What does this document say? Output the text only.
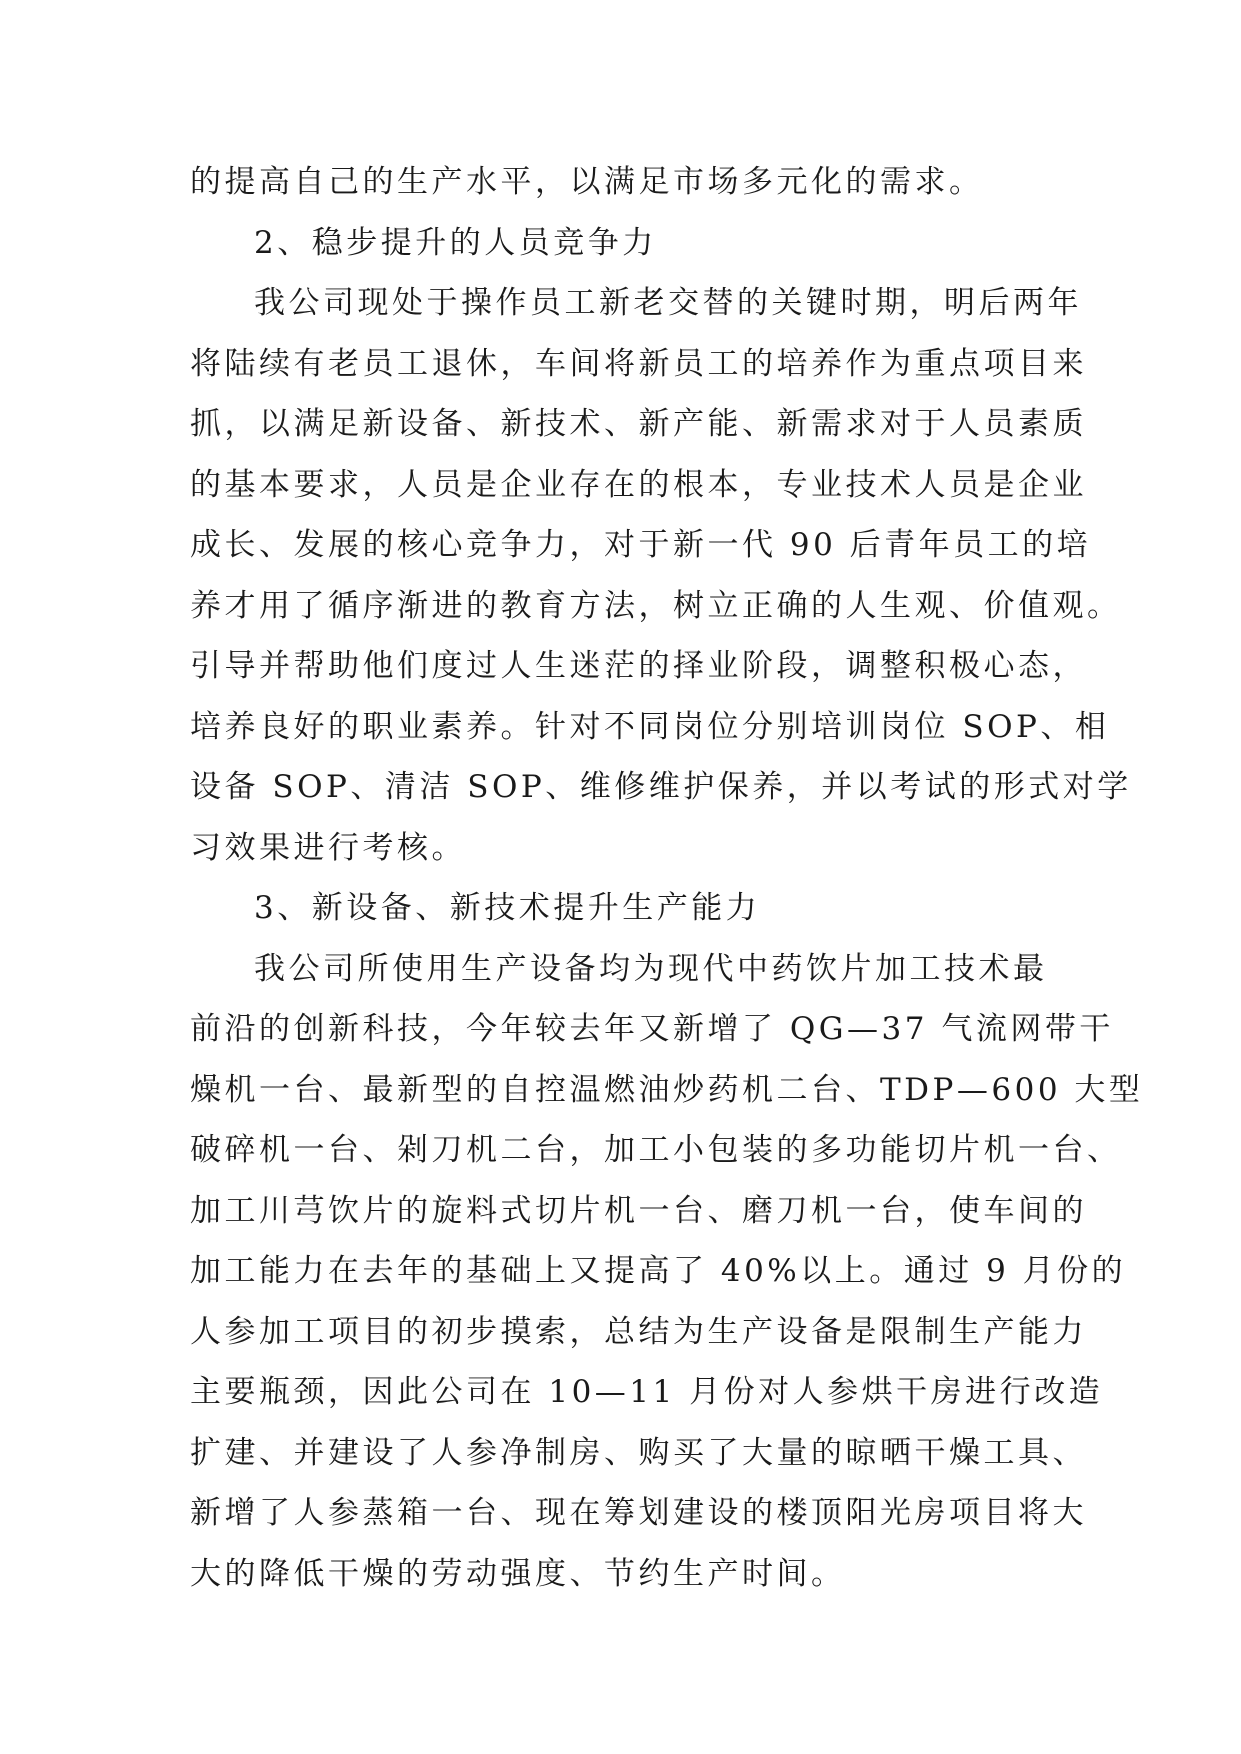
的提高自己的生产水平，以满足市场多元化的需求。
2、稳步提升的人员竞争力
我公司现处于操作员工新老交替的关键时期，明后两年
将陆续有老员工退休，车间将新员工的培养作为重点项目来
抓，以满足新设备、新技术、新产能、新需求对于人员素质
的基本要求，人员是企业存在的根本，专业技术人员是企业
成长、发展的核心竞争力，对于新一代 90 后青年员工的培
养才用了循序渐进的教育方法，树立正确的人生观、价值观。
引导并帮助他们度过人生迷茫的择业阶段，调整积极心态，
培养良好的职业素养。针对不同岗位分别培训岗位 SOP、相
设备 SOP、清洁 SOP、维修维护保养，并以考试的形式对学
习效果进行考核。
3、新设备、新技术提升生产能力
我公司所使用生产设备均为现代中药饮片加工技术最
前沿的创新科技，今年较去年又新增了 QG—37 气流网带干
燥机一台、最新型的自控温燃油炒药机二台、TDP—600 大型
破碎机一台、剁刀机二台，加工小包装的多功能切片机一台、
加工川芎饮片的旋料式切片机一台、磨刀机一台，使车间的
加工能力在去年的基础上又提高了 40%以上。通过 9 月份的
人参加工项目的初步摸索，总结为生产设备是限制生产能力
主要瓶颈，因此公司在 10—11 月份对人参烘干房进行改造
扩建、并建设了人参净制房、购买了大量的晾晒干燥工具、
新增了人参蒸箱一台、现在筹划建设的楼顶阳光房项目将大
大的降低干燥的劳动强度、节约生产时间。
